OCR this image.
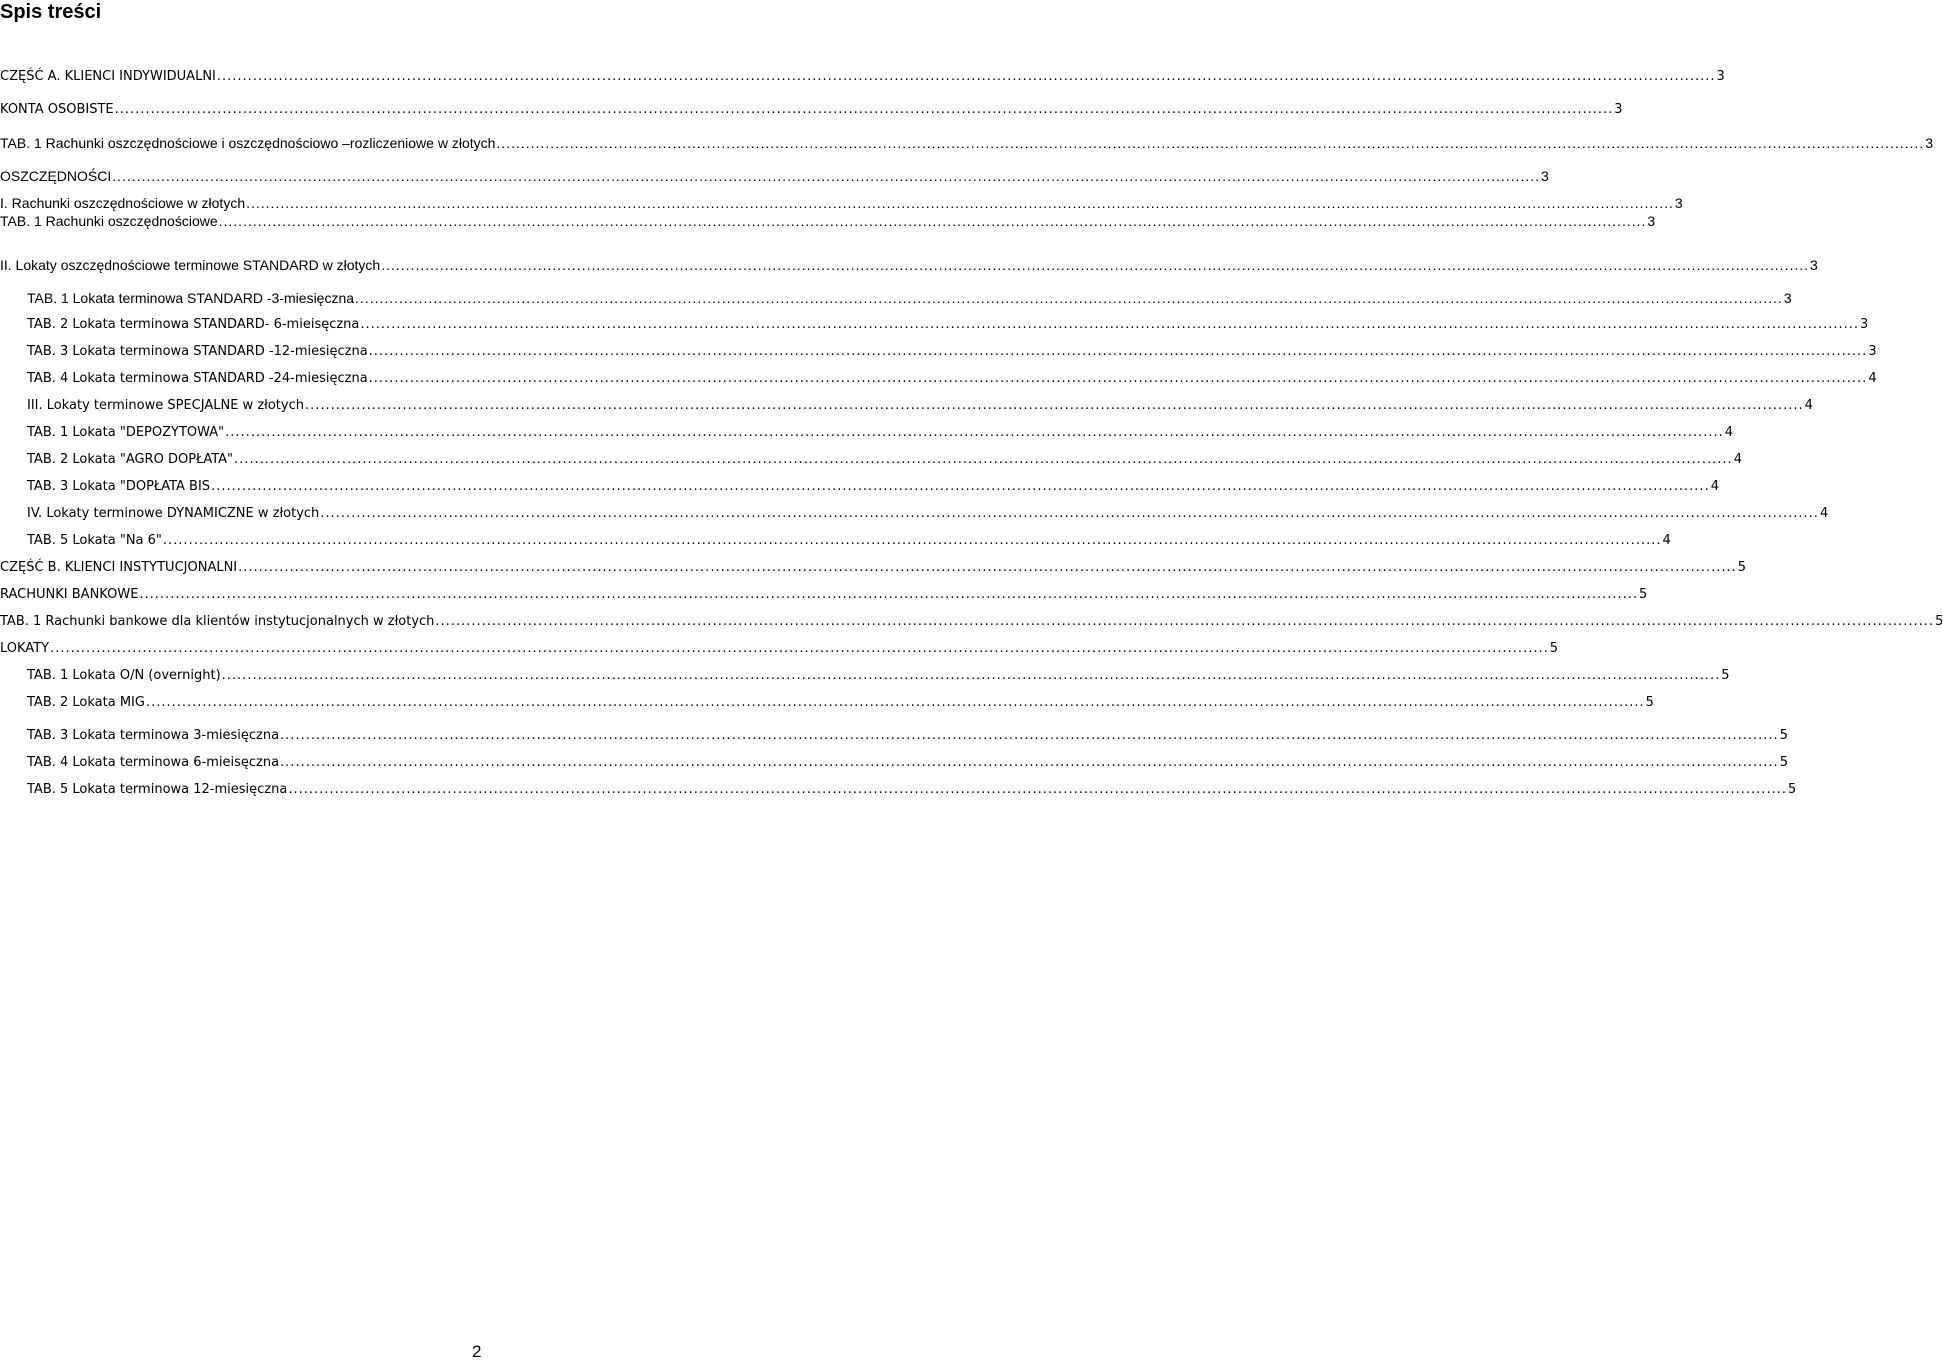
Spis treści
CZĘŚĆ A. KLIENCI INDYWIDUALNI .....	3
KONTA OSOBISTE .....	3
TAB. 1 Rachunki oszczędnościowe i oszczędnościowo –rozliczeniowe w złotych .....	3
OSZCZĘDNOŚCI .....	3
I. Rachunki oszczędnościowe w złotych .....	3
TAB. 1 Rachunki oszczędnościowe .....	3
II. Lokaty oszczędnościowe terminowe STANDARD w złotych .....	3
TAB. 1 Lokata terminowa STANDARD -3-miesięczna .....	3
TAB. 2 Lokata terminowa STANDARD- 6-mieisęczna .....	3
TAB. 3 Lokata terminowa STANDARD -12-miesięczna .....	3
TAB. 4 Lokata terminowa STANDARD -24-miesięczna .....	4
III. Lokaty terminowe SPECJALNE w złotych .....	4
TAB. 1 Lokata "DEPOZYTOWA" .....	4
TAB. 2 Lokata "AGRO DOPŁATA" .....	4
TAB. 3 Lokata "DOPŁATA BIS .....	4
IV. Lokaty terminowe DYNAMICZNE w złotych .....	4
TAB. 5 Lokata "Na 6" .....	4
CZĘŚĆ B. KLIENCI INSTYTUCJONALNI .....	5
RACHUNKI BANKOWE .....	5
TAB. 1 Rachunki bankowe dla klientów instytucjonalnych w złotych .....	5
LOKATY .....	5
TAB. 1 Lokata O/N (overnight) .....	5
TAB. 2 Lokata MIG .....	5
TAB. 3 Lokata terminowa 3-miesięczna .....	5
TAB. 4 Lokata terminowa 6-mieisęczna .....	5
TAB. 5 Lokata terminowa 12-miesięczna .....	5
2
